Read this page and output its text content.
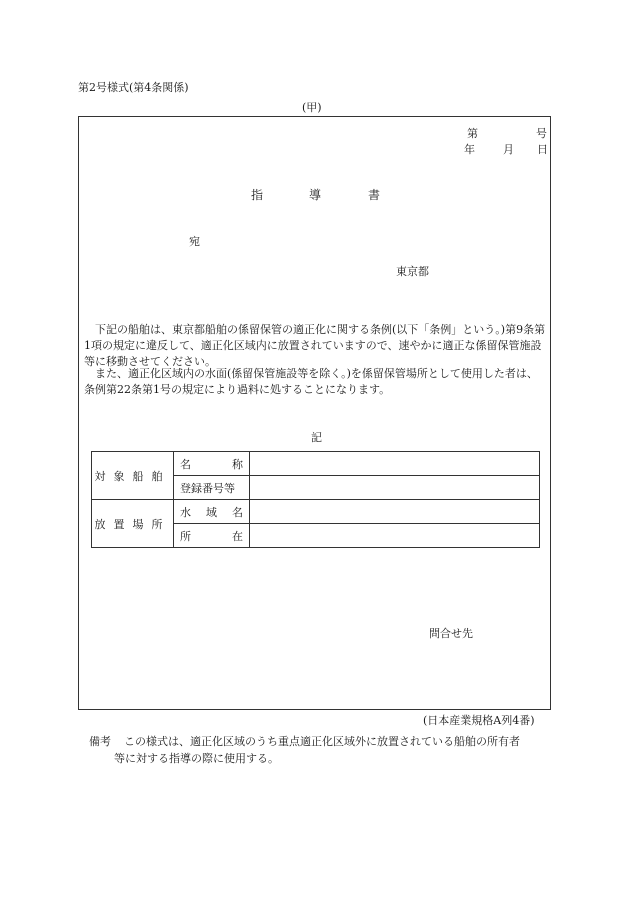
第2号様式(第4条関係)
(甲)
第	号
年	月 日
指	導	書
宛
東京都
下記の船舶は、東京都船舶の係留保管の適正化に関する条例(以下「条例」という。)第9条第1項の規定に違反して、適正化区域内に放置されていますので、速やかに適正な係留保管施設等に移動させてください。
また、適正化区域内の水面(係留保管施設等を除く。)を係留保管場所として使用した者は、条例第22条第1号の規定により過料に処することになります。
記
対象船舶	名 称	

	登録番号等	

放置場所	水 域 名	

	所 在	

問合せ先
(日本産業規格A列4番)
備考 この様式は、適正化区域のうち重点適正化区域外に放置されている船舶の所有者
等に対する指導の際に使用する。
